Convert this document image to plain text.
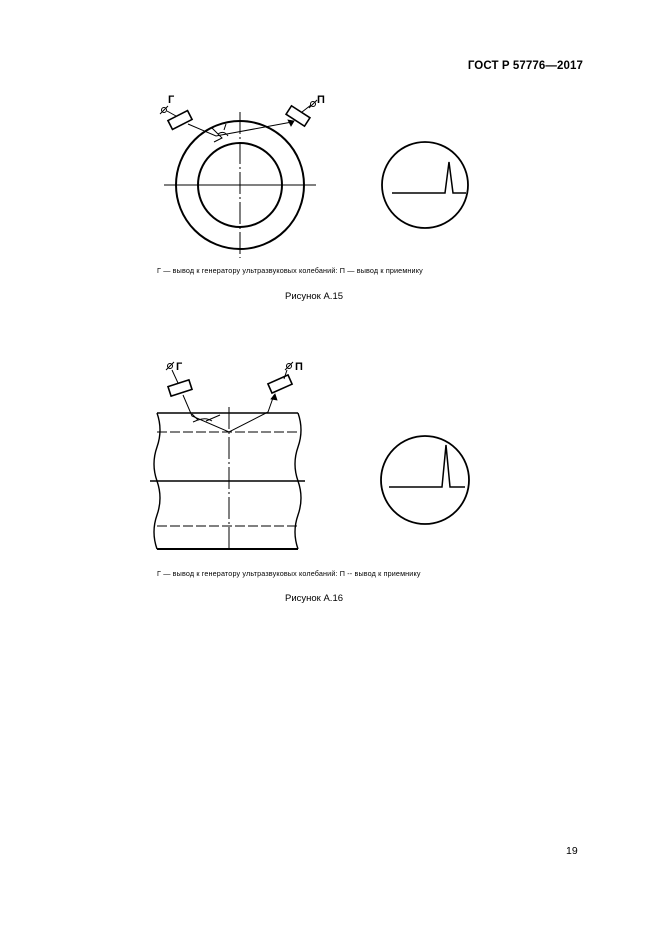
ГОСТ Р 57776—2017
Г	П
Г — вывод к генератору ультразвуковых колебаний: П — вывод к приемнику
Рисунок А.15
Г	П
Г — вывод к генератору ультразвуковых колебаний: П -- вывод к приемнику
Рисунок А.16
19
